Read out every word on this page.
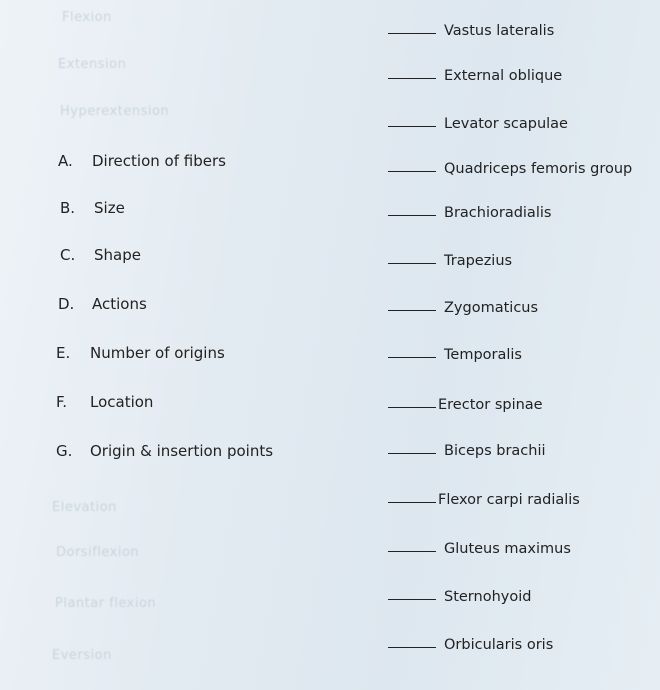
Flexion
Extension
Hyperextension
Elevation
Dorsiflexion
Plantar flexion
Eversion
A. Direction of fibers
B. Size
C. Shape
D. Actions
E. Number of origins
F. Location
G. Origin & insertion points
Vastus lateralis
External oblique
Levator scapulae
Quadriceps femoris group
Brachioradialis
Trapezius
Zygomaticus
Temporalis
Erector spinae
Biceps brachii
Flexor carpi radialis
Gluteus maximus
Sternohyoid
Orbicularis oris
